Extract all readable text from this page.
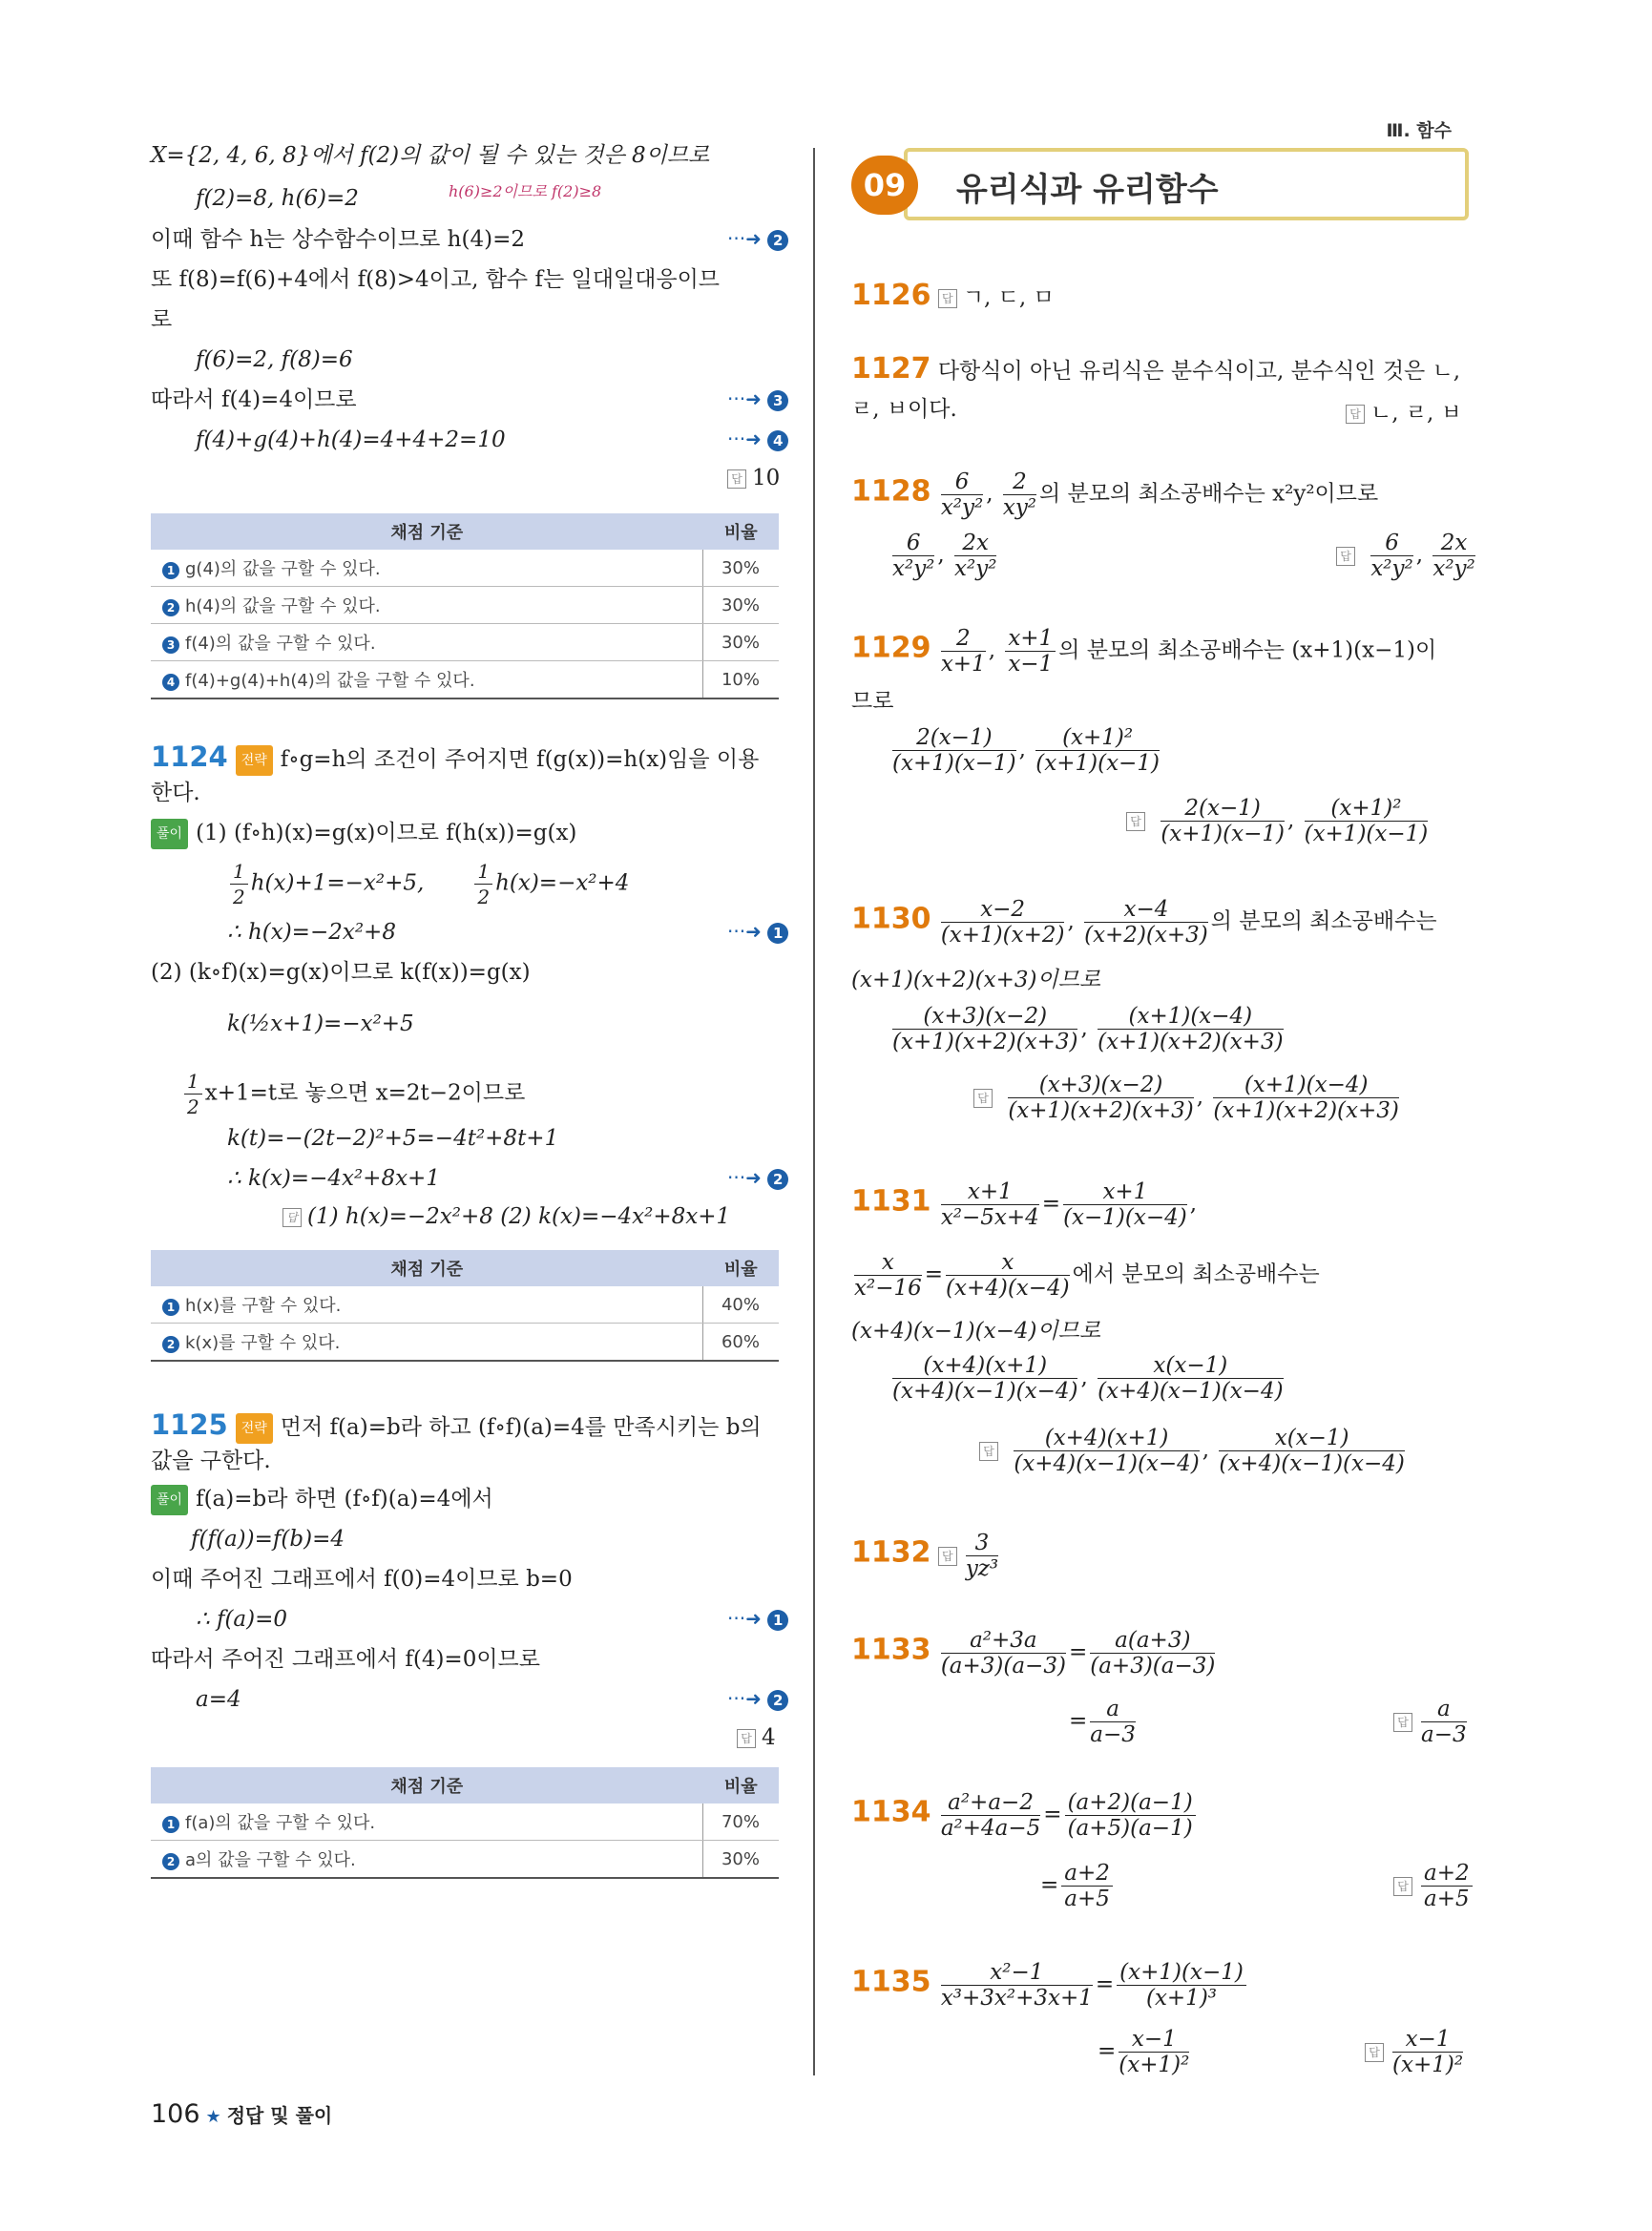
Ⅲ. 함수
09	유리식과 유리함수
X={2, 4, 6, 8}에서 f(2)의 값이 될 수 있는 것은 8이므로
f(2)=8, h(6)=2	h(6)≥2이므로 f(2)≥8
이때 함수 h는 상수함수이므로 h(4)=2	···➜ 2
또 f(8)=f(6)+4에서 f(8)>4이고, 함수 f는 일대일대응이므
로
f(6)=2, f(8)=6
따라서 f(4)=4이므로	···➜ 3
f(4)+g(4)+h(4)=4+4+2=10	···➜ 4
답 10
채점 기준	비율
1 g(4)의 값을 구할 수 있다.	30%
2 h(4)의 값을 구할 수 있다.	30%
3 f(4)의 값을 구할 수 있다.	30%
4 f(4)+g(4)+h(4)의 값을 구할 수 있다.	10%
1124 전략 f∘g=h의 조건이 주어지면 f(g(x))=h(x)임을 이용
한다.
풀이 (1) (f∘h)(x)=g(x)이므로 f(h(x))=g(x)
$\frac{1}{2} h(x)+1=-x^2+5$,	$\frac{1}{2} h(x)=-x^2+4$
∴ h(x)=−2x²+8	···➜ 1
(2) (k∘f)(x)=g(x)이므로 k(f(x))=g(x)
k(½x+1)=−x²+5
$\frac{1}{2} x+1=t$로 놓으면 x=2t−2이므로
k(t)=−(2t−2)²+5=−4t²+8t+1
∴ k(x)=−4x²+8x+1	···➜ 2
답 (1) h(x)=−2x²+8 (2) k(x)=−4x²+8x+1
채점 기준	비율
1 h(x)를 구할 수 있다.	40%
2 k(x)를 구할 수 있다.	60%
1125 전략 먼저 f(a)=b라 하고 (f∘f)(a)=4를 만족시키는 b의
값을 구한다.
풀이 f(a)=b라 하면 (f∘f)(a)=4에서
f(f(a))=f(b)=4
이때 주어진 그래프에서 f(0)=4이므로 b=0
∴ f(a)=0	···➜ 1
따라서 주어진 그래프에서 f(4)=0이므로
a=4	···➜ 2
답 4
채점 기준	비율
1 f(a)의 값을 구할 수 있다.	70%
2 a의 값을 구할 수 있다.	30%
1126 답 ㄱ, ㄷ, ㅁ
1127 다항식이 아닌 유리식은 분수식이고, 분수식인 것은 ㄴ,
ㄹ, ㅂ이다.	답 ㄴ, ㄹ, ㅂ
$1128 \frac{6}{\text{x²y²}}$ , $\frac{2}{\text{xy²}}$ 의 분모의 최소공배수는 x²y²이므로
$\frac{6}{\text{x²y²}}$ , $\frac{2x}{\text{x²y²}}$	답 $\frac{6}{\text{x²y²}}$ , $\frac{2x}{\text{x²y²}}$
$1129 \frac{2}{x+1}$ , $\frac{x+1}{x-1}$ 의 분모의 최소공배수는 (x+1)(x−1)이
므로
$\frac{2(x-1)}{(x+1)(x-1)}$ , $\frac{\text{(x+1)²}}{(x+1)(x-1)}$
답 $\frac{2(x-1)}{(x+1)(x-1)}$ , $\frac{\text{(x+1)²}}{(x+1)(x-1)}$
$1130 \frac{x-2}{(x+1)(x+2)}$ , $\frac{x-4}{(x+2)(x+3)}$ 의 분모의 최소공배수는
(x+1)(x+2)(x+3)이므로
$\frac{(x+3)(x-2)}{(x+1)(x+2)(x+3)}$ , $\frac{(x+1)(x-4)}{(x+1)(x+2)(x+3)}$
답 $\frac{(x+3)(x-2)}{(x+1)(x+2)(x+3)}$ , $\frac{(x+1)(x-4)}{(x+1)(x+2)(x+3)}$
$1131 \frac{x+1}{\text{x²−5x+4}} = \frac{x+1}{(x-1)(x-4)}$ ,
$\frac{x}{\text{x²−16}} = \frac{x}{(x+4)(x-4)}$ 에서 분모의 최소공배수는
(x+4)(x−1)(x−4)이므로
$\frac{(x+4)(x+1)}{(x+4)(x-1)(x-4)}$ , $\frac{x(x-1)}{(x+4)(x-1)(x-4)}$
답 $\frac{(x+4)(x+1)}{(x+4)(x-1)(x-4)}$ , $\frac{x(x-1)}{(x+4)(x-1)(x-4)}$
1132 답 $\frac{3}{\text{yz³}}$
$1133 \frac{\text{a²+3a}}{(a+3)(a-3)} = \frac{a(a+3)}{(a+3)(a-3)}$
= $\frac{a}{a-3}$	답 $\frac{a}{a-3}$
$1134 \frac{\text{a²+a−2}}{\text{a²+4a−5}} = \frac{(a+2)(a-1)}{(a+5)(a-1)}$
= $\frac{a+2}{a+5}$	답 $\frac{a+2}{a+5}$
$1135 \frac{\text{x²−1}}{\text{x³+3x²+3x+1}} = \frac{(x+1)(x-1)}{\text{(x+1)³}}$
= $\frac{x-1}{\text{(x+1)²}}$	답 $\frac{x-1}{\text{(x+1)²}}$
106 ★ 정답 및 풀이
